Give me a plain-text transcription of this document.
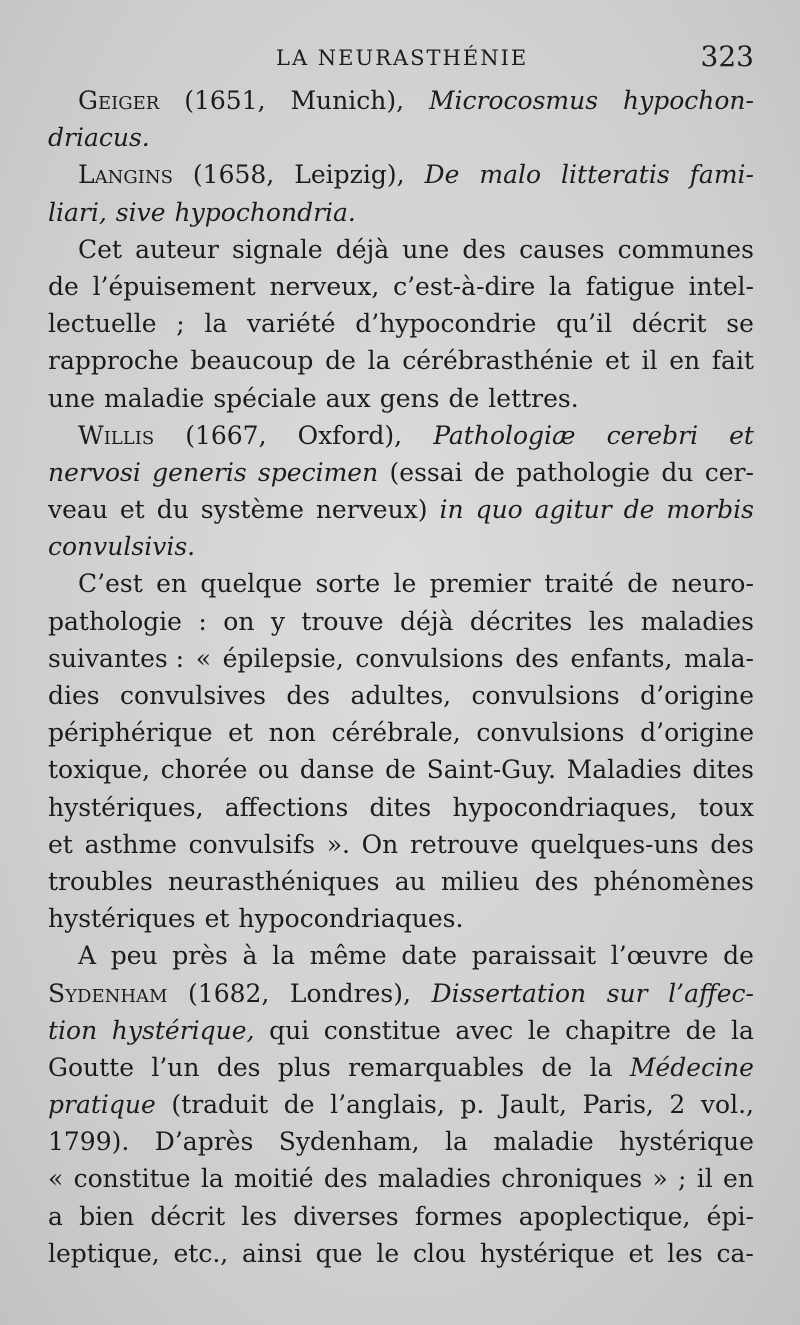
LA NEURASTHÉNIE	323
Geiger (1651, Munich), Microcosmus hypochon-
driacus.
Langins (1658, Leipzig), De malo litteratis fami-
liari, sive hypochondria.
Cet auteur signale déjà une des causes communes
de l’épuisement nerveux, c’est-à-dire la fatigue intel-
lectuelle ; la variété d’hypocondrie qu’il décrit se
rapproche beaucoup de la cérébrasthénie et il en fait
une maladie spéciale aux gens de lettres.
Willis (1667, Oxford), Pathologiæ cerebri et
nervosi generis specimen (essai de pathologie du cer-
veau et du système nerveux) in quo agitur de morbis
convulsivis.
C’est en quelque sorte le premier traité de neuro-
pathologie : on y trouve déjà décrites les maladies
suivantes : « épilepsie, convulsions des enfants, mala-
dies convulsives des adultes, convulsions d’origine
périphérique et non cérébrale, convulsions d’origine
toxique, chorée ou danse de Saint-Guy. Maladies dites
hystériques, affections dites hypocondriaques, toux
et asthme convulsifs ». On retrouve quelques-uns des
troubles neurasthéniques au milieu des phénomènes
hystériques et hypocondriaques.
A peu près à la même date paraissait l’œuvre de
Sydenham (1682, Londres), Dissertation sur l’affec-
tion hystérique, qui constitue avec le chapitre de la
Goutte l’un des plus remarquables de la Médecine
pratique (traduit de l’anglais, p. Jault, Paris, 2 vol.,
1799). D’après Sydenham, la maladie hystérique
« constitue la moitié des maladies chroniques » ; il en
a bien décrit les diverses formes apoplectique, épi-
leptique, etc., ainsi que le clou hystérique et les ca-
